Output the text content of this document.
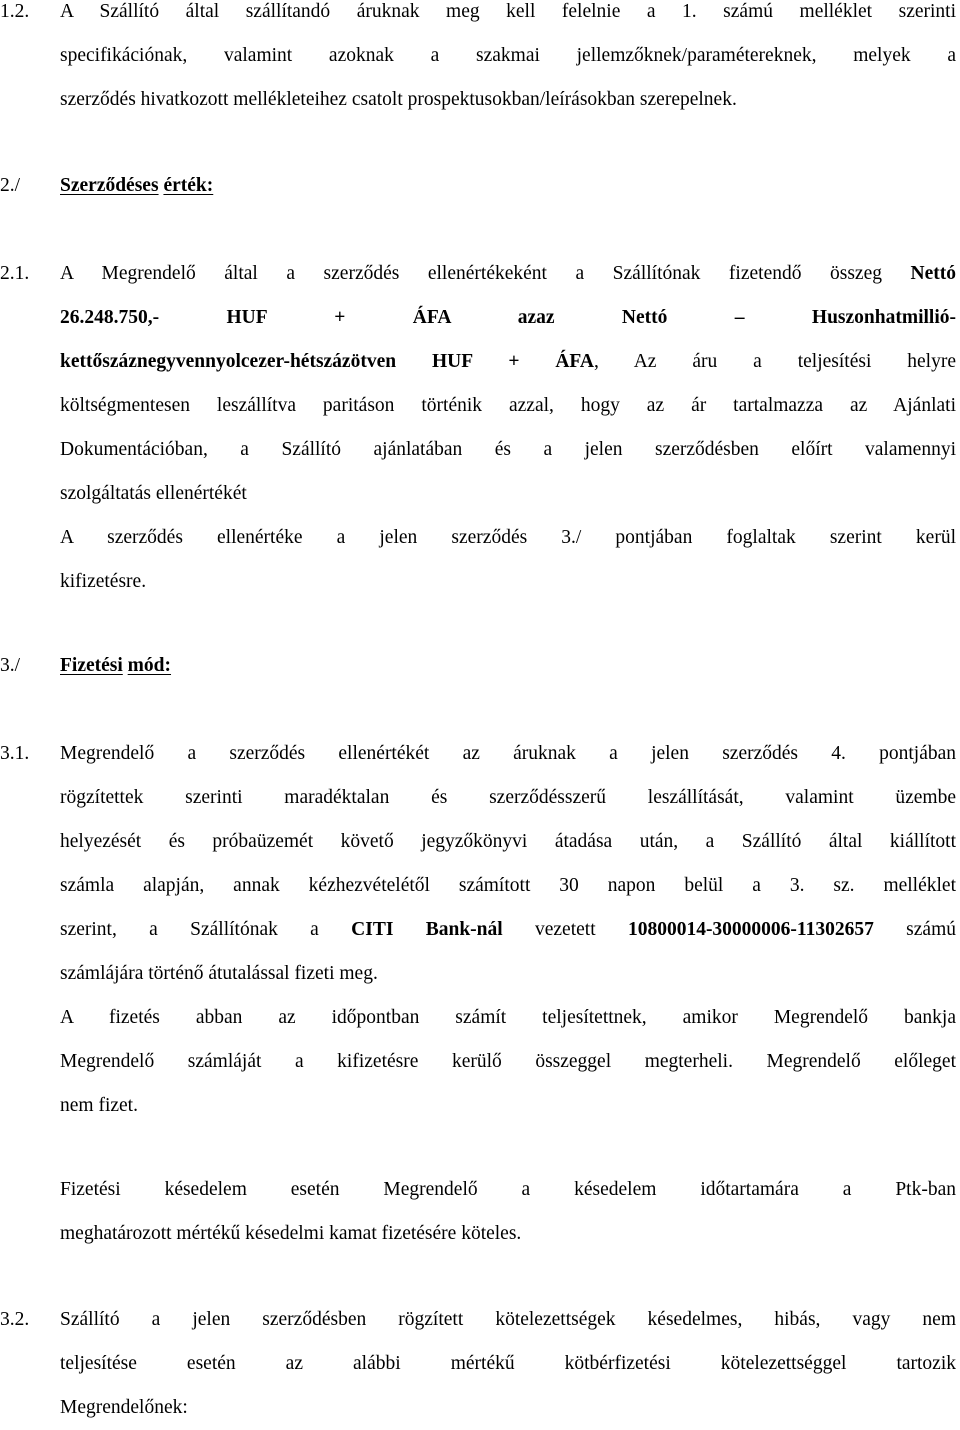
1.2. A Szállító által szállítandó áruknak meg kell felelnie a 1. számú melléklet szerinti
specifikációnak, valamint azoknak a szakmai jellemzőknek/paramétereknek, melyek a
szerződés hivatkozott mellékleteihez csatolt prospektusokban/leírásokban szerepelnek.
2./ Szerződéses érték:
2.1. A Megrendelő által a szerződés ellenértékeként a Szállítónak fizetendő összeg Nettó
26.248.750,- HUF + ÁFA azaz Nettó – Huszonhatmillió-
kettőszáznegyvennyolcezer-hétszázötven HUF + ÁFA, Az áru a teljesítési helyre
költségmentesen leszállítva paritáson történik azzal, hogy az ár tartalmazza az Ajánlati
Dokumentációban, a Szállító ajánlatában és a jelen szerződésben előírt valamennyi
szolgáltatás ellenértékét
A szerződés ellenértéke a jelen szerződés 3./ pontjában foglaltak szerint kerül
kifizetésre.
3./ Fizetési mód:
3.1. Megrendelő a szerződés ellenértékét az áruknak a jelen szerződés 4. pontjában
rögzítettek szerinti maradéktalan és szerződésszerű leszállítását, valamint üzembe
helyezését és próbaüzemét követő jegyzőkönyvi átadása után, a Szállító által kiállított
számla alapján, annak kézhezvételétől számított 30 napon belül a 3. sz. melléklet
szerint, a Szállítónak a CITI Bank-nál vezetett 10800014-30000006-11302657 számú
számlájára történő átutalással fizeti meg.
A fizetés abban az időpontban számít teljesítettnek, amikor Megrendelő bankja
Megrendelő számláját a kifizetésre kerülő összeggel megterheli. Megrendelő előleget
nem fizet.
Fizetési késedelem esetén Megrendelő a késedelem időtartamára a Ptk-ban
meghatározott mértékű késedelmi kamat fizetésére köteles.
3.2. Szállító a jelen szerződésben rögzített kötelezettségek késedelmes, hibás, vagy nem
teljesítése esetén az alábbi mértékű kötbérfizetési kötelezettséggel tartozik
Megrendelőnek:
